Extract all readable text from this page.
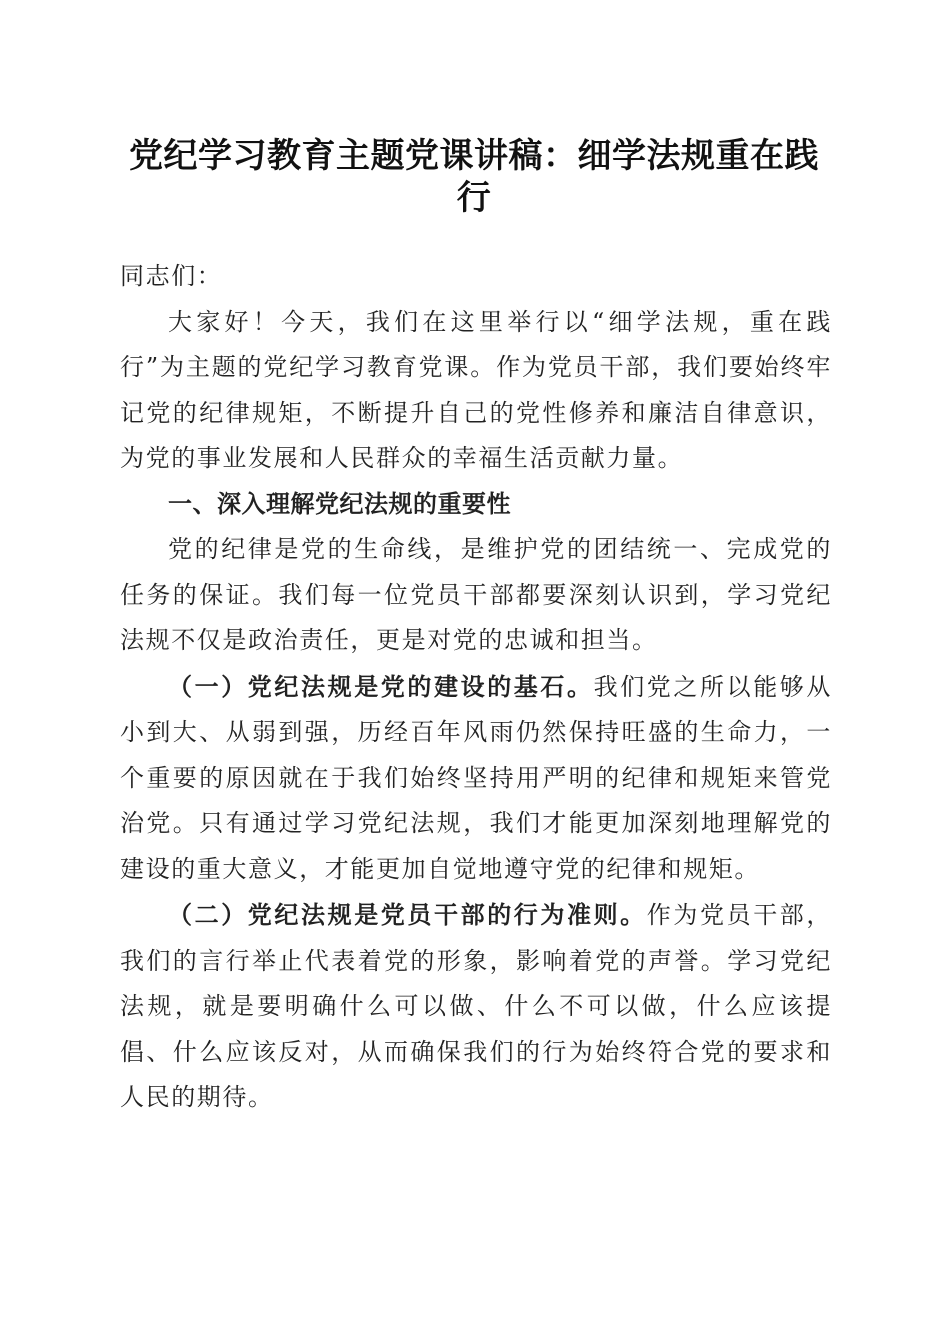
党纪学习教育主题党课讲稿：细学法规重在践
行

同志们：

大家好！今天，我们在这里举行以“细学法规，重在践行”为主题的党纪学习教育党课。作为党员干部，我们要始终牢记党的纪律规矩，不断提升自己的党性修养和廉洁自律意识，为党的事业发展和人民群众的幸福生活贡献力量。

一、深入理解党纪法规的重要性

党的纪律是党的生命线，是维护党的团结统一、完成党的任务的保证。我们每一位党员干部都要深刻认识到，学习党纪法规不仅是政治责任，更是对党的忠诚和担当。

（一）党纪法规是党的建设的基石。我们党之所以能够从小到大、从弱到强，历经百年风雨仍然保持旺盛的生命力，一个重要的原因就在于我们始终坚持用严明的纪律和规矩来管党治党。只有通过学习党纪法规，我们才能更加深刻地理解党的建设的重大意义，才能更加自觉地遵守党的纪律和规矩。

（二）党纪法规是党员干部的行为准则。作为党员干部，我们的言行举止代表着党的形象，影响着党的声誉。学习党纪法规，就是要明确什么可以做、什么不可以做，什么应该提倡、什么应该反对，从而确保我们的行为始终符合党的要求和人民的期待。
